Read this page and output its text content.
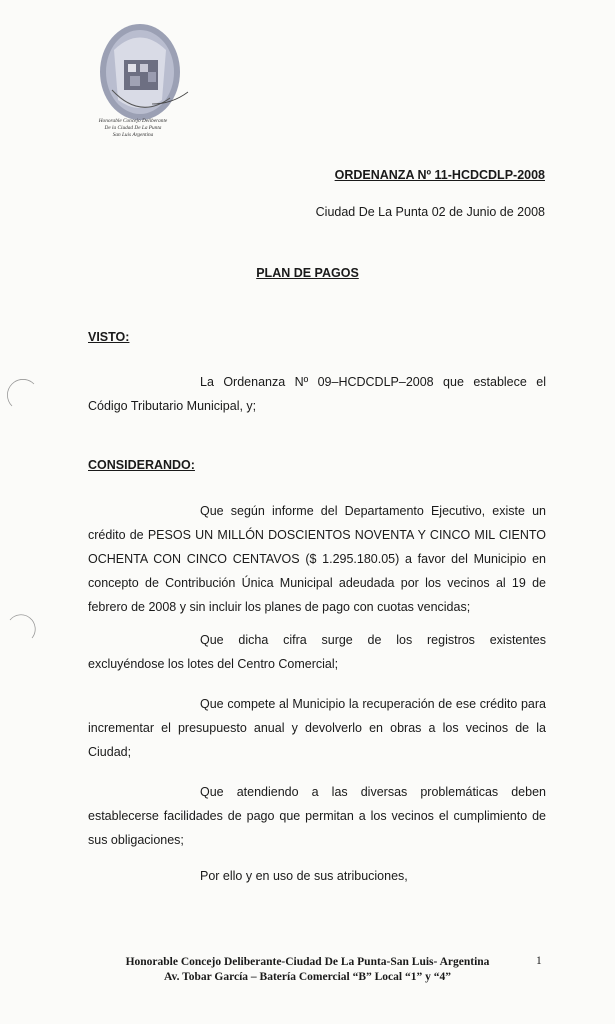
Honorable Concejo Deliberante
De la Ciudad De La Punta
San Luis Argentina
ORDENANZA Nº 11-HCDCDLP-2008
Ciudad De La Punta 02 de Junio de 2008
PLAN DE PAGOS
VISTO:

La Ordenanza Nº 09–HCDCDLP–2008 que establece el Código Tributario Municipal, y;

CONSIDERANDO:

Que según informe del Departamento Ejecutivo, existe un crédito de PESOS UN MILLÓN DOSCIENTOS NOVENTA Y CINCO MIL CIENTO OCHENTA CON CINCO CENTAVOS ($ 1.295.180.05) a favor del Municipio en concepto de Contribución Única Municipal adeudada por los vecinos al 19 de febrero de 2008 y sin incluir los planes de pago con cuotas vencidas;

Que dicha cifra surge de los registros existentes excluyéndose los lotes del Centro Comercial;

Que compete al Municipio la recuperación de ese crédito para incrementar el presupuesto anual y devolverlo en obras a los vecinos de la Ciudad;

Que atendiendo a las diversas problemáticas deben establecerse facilidades de pago que permitan a los vecinos el cumplimiento de sus obligaciones;

Por ello y en uso de sus atribuciones,

Honorable Concejo Deliberante-Ciudad De La Punta-San Luis- Argentina
Av. Tobar García – Batería Comercial “B” Local “1” y “4”
1
